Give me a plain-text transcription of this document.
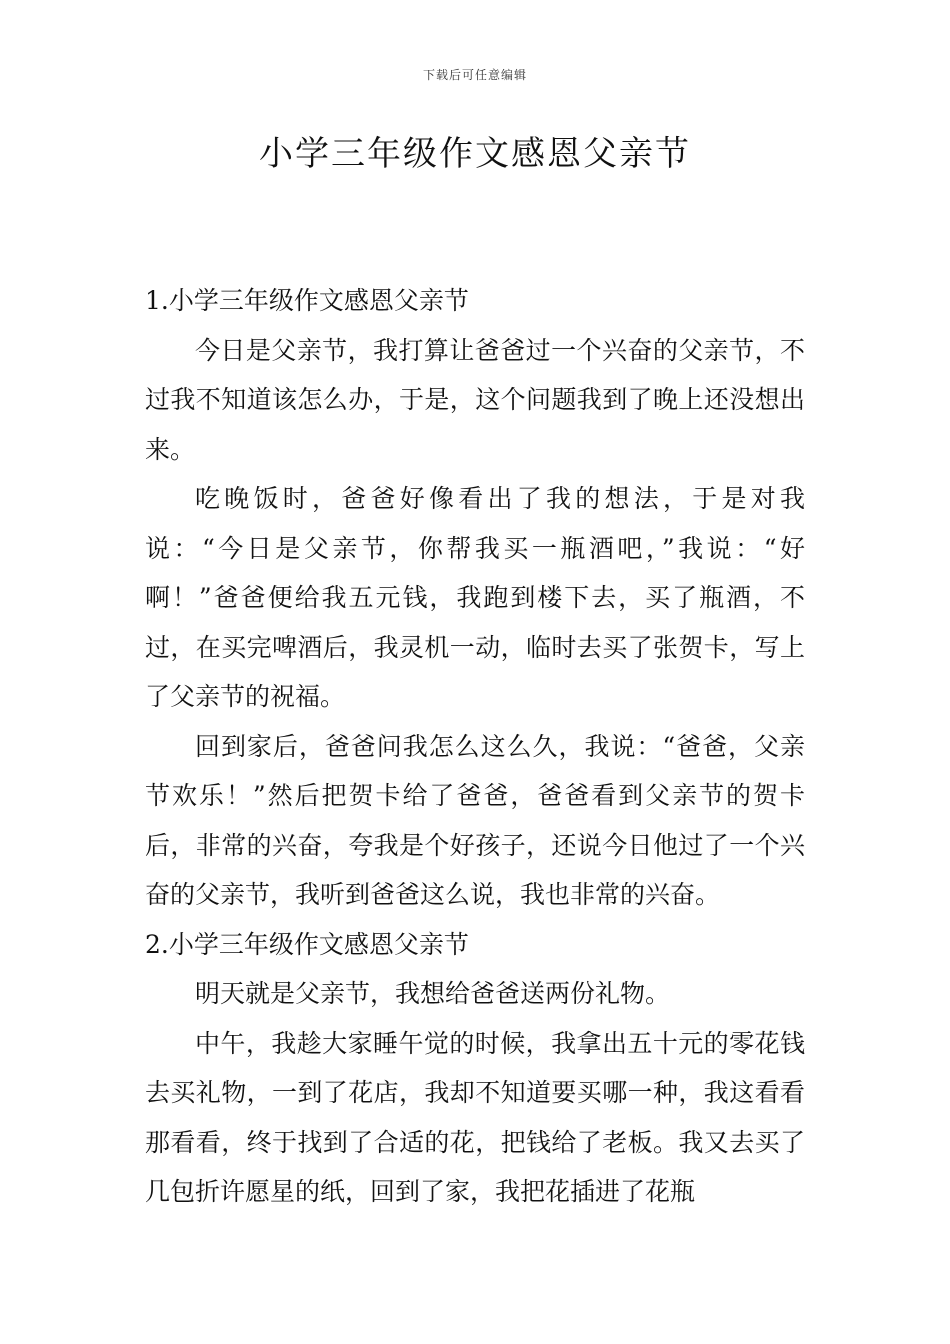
下载后可任意编辑
小学三年级作文感恩父亲节

1.小学三年级作文感恩父亲节

今日是父亲节，我打算让爸爸过一个兴奋的父亲节，不过我不知道该怎么办，于是，这个问题我到了晚上还没想出来。

吃晚饭时，爸爸好像看出了我的想法，于是对我说：“今日是父亲节，你帮我买一瓶酒吧，”我说：“好啊！”爸爸便给我五元钱，我跑到楼下去，买了瓶酒，不过，在买完啤酒后，我灵机一动，临时去买了张贺卡，写上了父亲节的祝福。

回到家后，爸爸问我怎么这么久，我说：“爸爸，父亲节欢乐！”然后把贺卡给了爸爸，爸爸看到父亲节的贺卡后，非常的兴奋，夸我是个好孩子，还说今日他过了一个兴奋的父亲节，我听到爸爸这么说，我也非常的兴奋。

2.小学三年级作文感恩父亲节

明天就是父亲节，我想给爸爸送两份礼物。

中午，我趁大家睡午觉的时候，我拿出五十元的零花钱去买礼物，一到了花店，我却不知道要买哪一种，我这看看那看看，终于找到了合适的花，把钱给了老板。我又去买了几包折许愿星的纸，回到了家，我把花插进了花瓶
